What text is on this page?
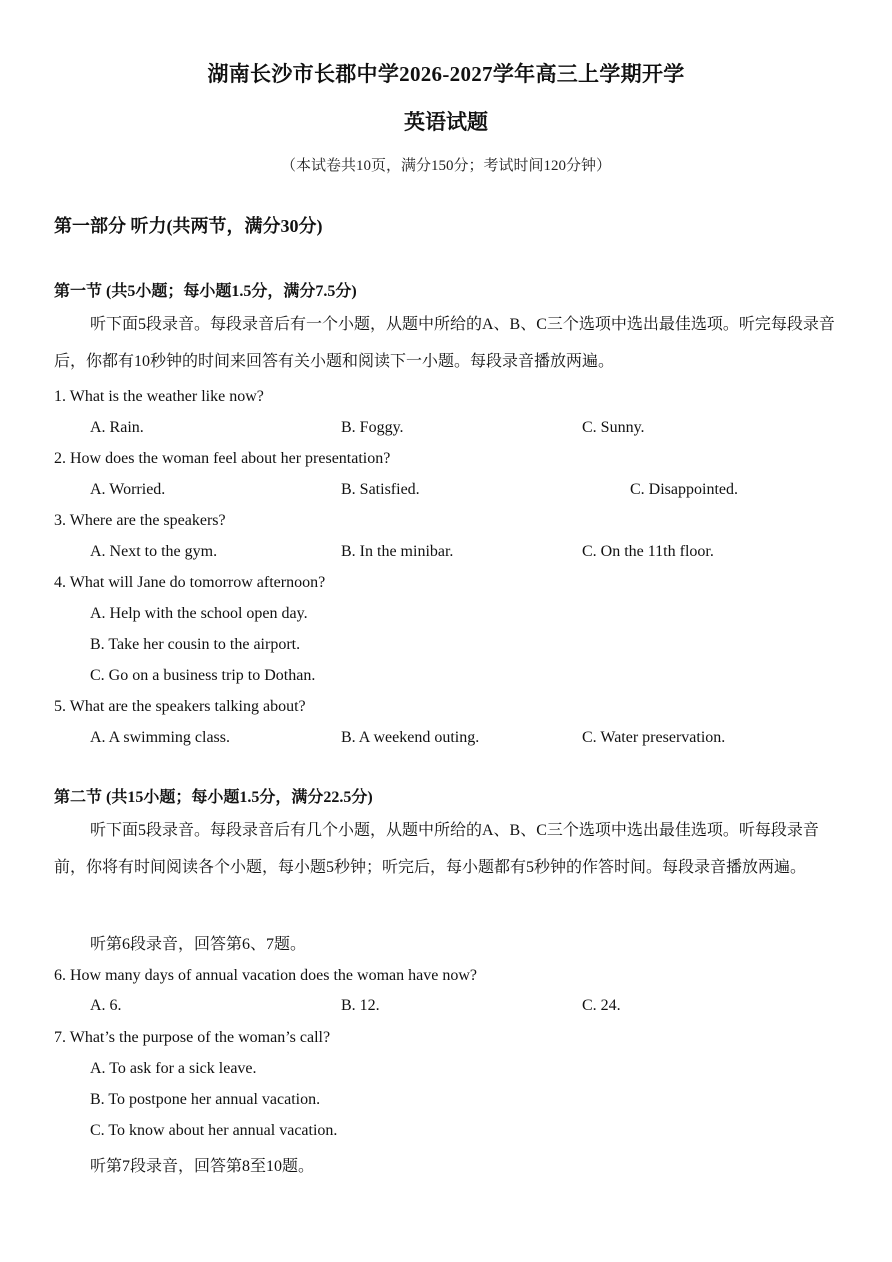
湖南长沙市长郡中学2026-2027学年高三上学期开学
英语试题
（本试卷共10页，满分150分；考试时间120分钟）
第一部分 听力(共两节，满分30分)
第一节 (共5小题；每小题1.5分，满分7.5分)
听下面5段录音。每段录音后有一个小题，从题中所给的A、B、C三个选项中选出最佳选项。听完每段录音后，你都有10秒钟的时间来回答有关小题和阅读下一小题。每段录音播放两遍。
1. What is the weather like now?
A. Rain.	B. Foggy.	C. Sunny.
2. How does the woman feel about her presentation?
A. Worried.	B. Satisfied.	C. Disappointed.
3. Where are the speakers?
A. Next to the gym.	B. In the minibar.	C. On the 11th floor.
4. What will Jane do tomorrow afternoon?
A. Help with the school open day.
B. Take her cousin to the airport.
C. Go on a business trip to Dothan.
5. What are the speakers talking about?
A. A swimming class.	B. A weekend outing.	C. Water preservation.
第二节 (共15小题；每小题1.5分，满分22.5分)
听下面5段录音。每段录音后有几个小题，从题中所给的A、B、C三个选项中选出最佳选项。听每段录音前，你将有时间阅读各个小题，每小题5秒钟；听完后，每小题都有5秒钟的作答时间。每段录音播放两遍。
听第6段录音，回答第6、7题。
6. How many days of annual vacation does the woman have now?
A. 6.	B. 12.	C. 24.
7. What’s the purpose of the woman’s call?
A. To ask for a sick leave.
B. To postpone her annual vacation.
C. To know about her annual vacation.
听第7段录音，回答第8至10题。
